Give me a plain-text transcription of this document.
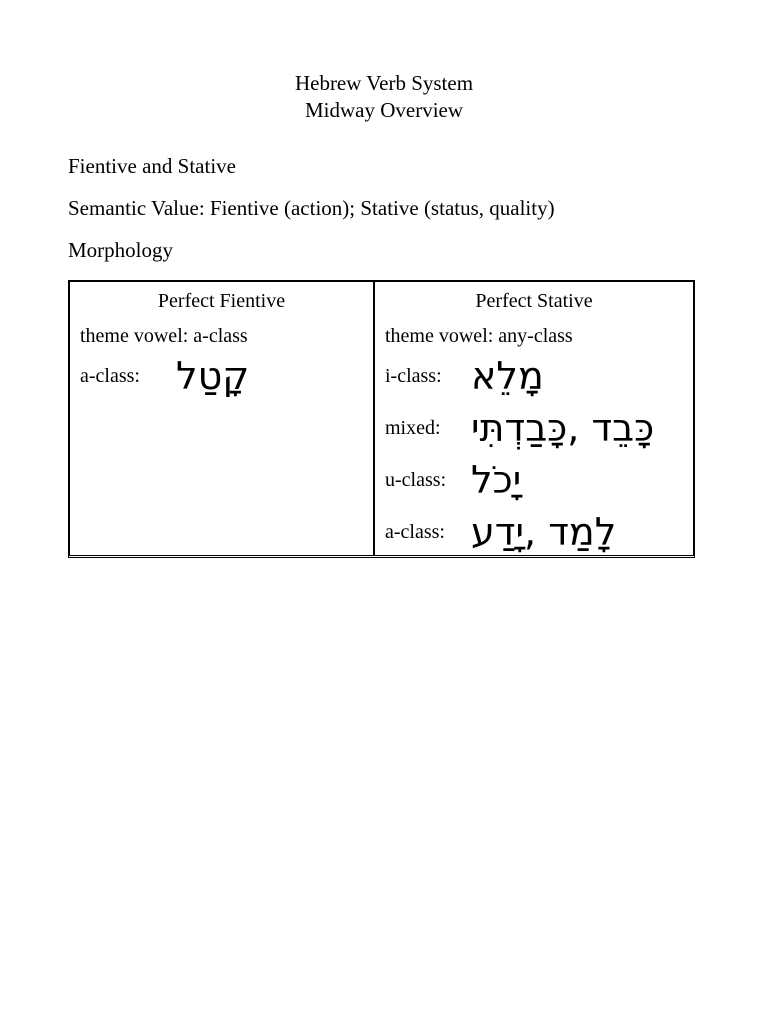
Hebrew Verb System
Midway Overview
Fientive and Stative
Semantic Value: Fientive (action); Stative (status, quality)
Morphology
Perfect Fientive
theme vowel: a-class
a-class: קָטַל
Perfect Stative
theme vowel: any-class
i-class: מָלֵא
mixed: כָּבֵד ,כָּבַדְתִּי
u-class: יָכֹל
a-class: לָמַד ,יָדַע
